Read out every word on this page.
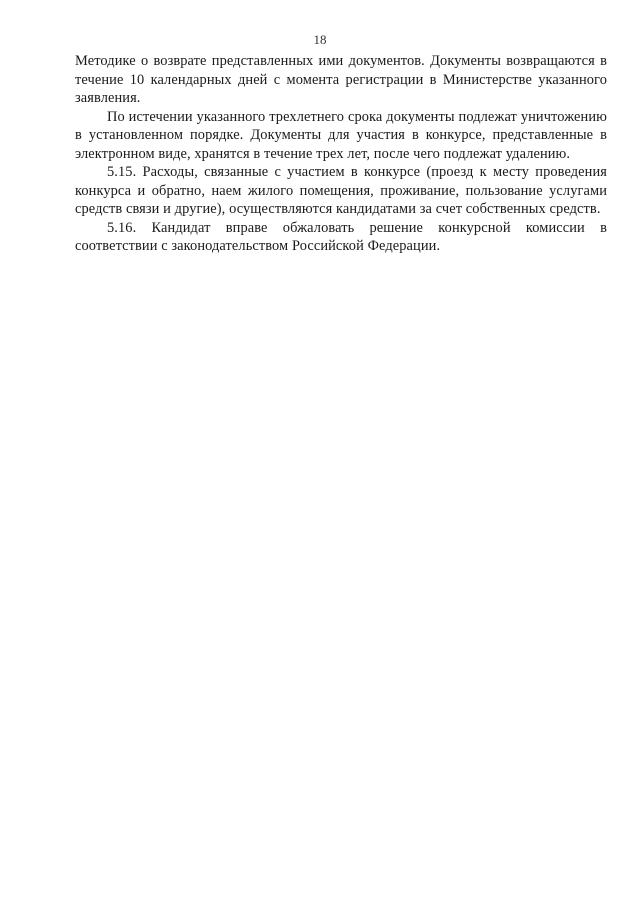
18

Методике о возврате представленных ими документов. Документы возвращаются в течение 10 календарных дней с момента регистрации в Министерстве указанного заявления.

По истечении указанного трехлетнего срока документы подлежат уничтожению в установленном порядке. Документы для участия в конкурсе, представленные в электронном виде, хранятся в течение трех лет, после чего подлежат удалению.

5.15. Расходы, связанные с участием в конкурсе (проезд к месту проведения конкурса и обратно, наем жилого помещения, проживание, пользование услугами средств связи и другие), осуществляются кандидатами за счет собственных средств.

5.16. Кандидат вправе обжаловать решение конкурсной комиссии в соответствии с законодательством Российской Федерации.
